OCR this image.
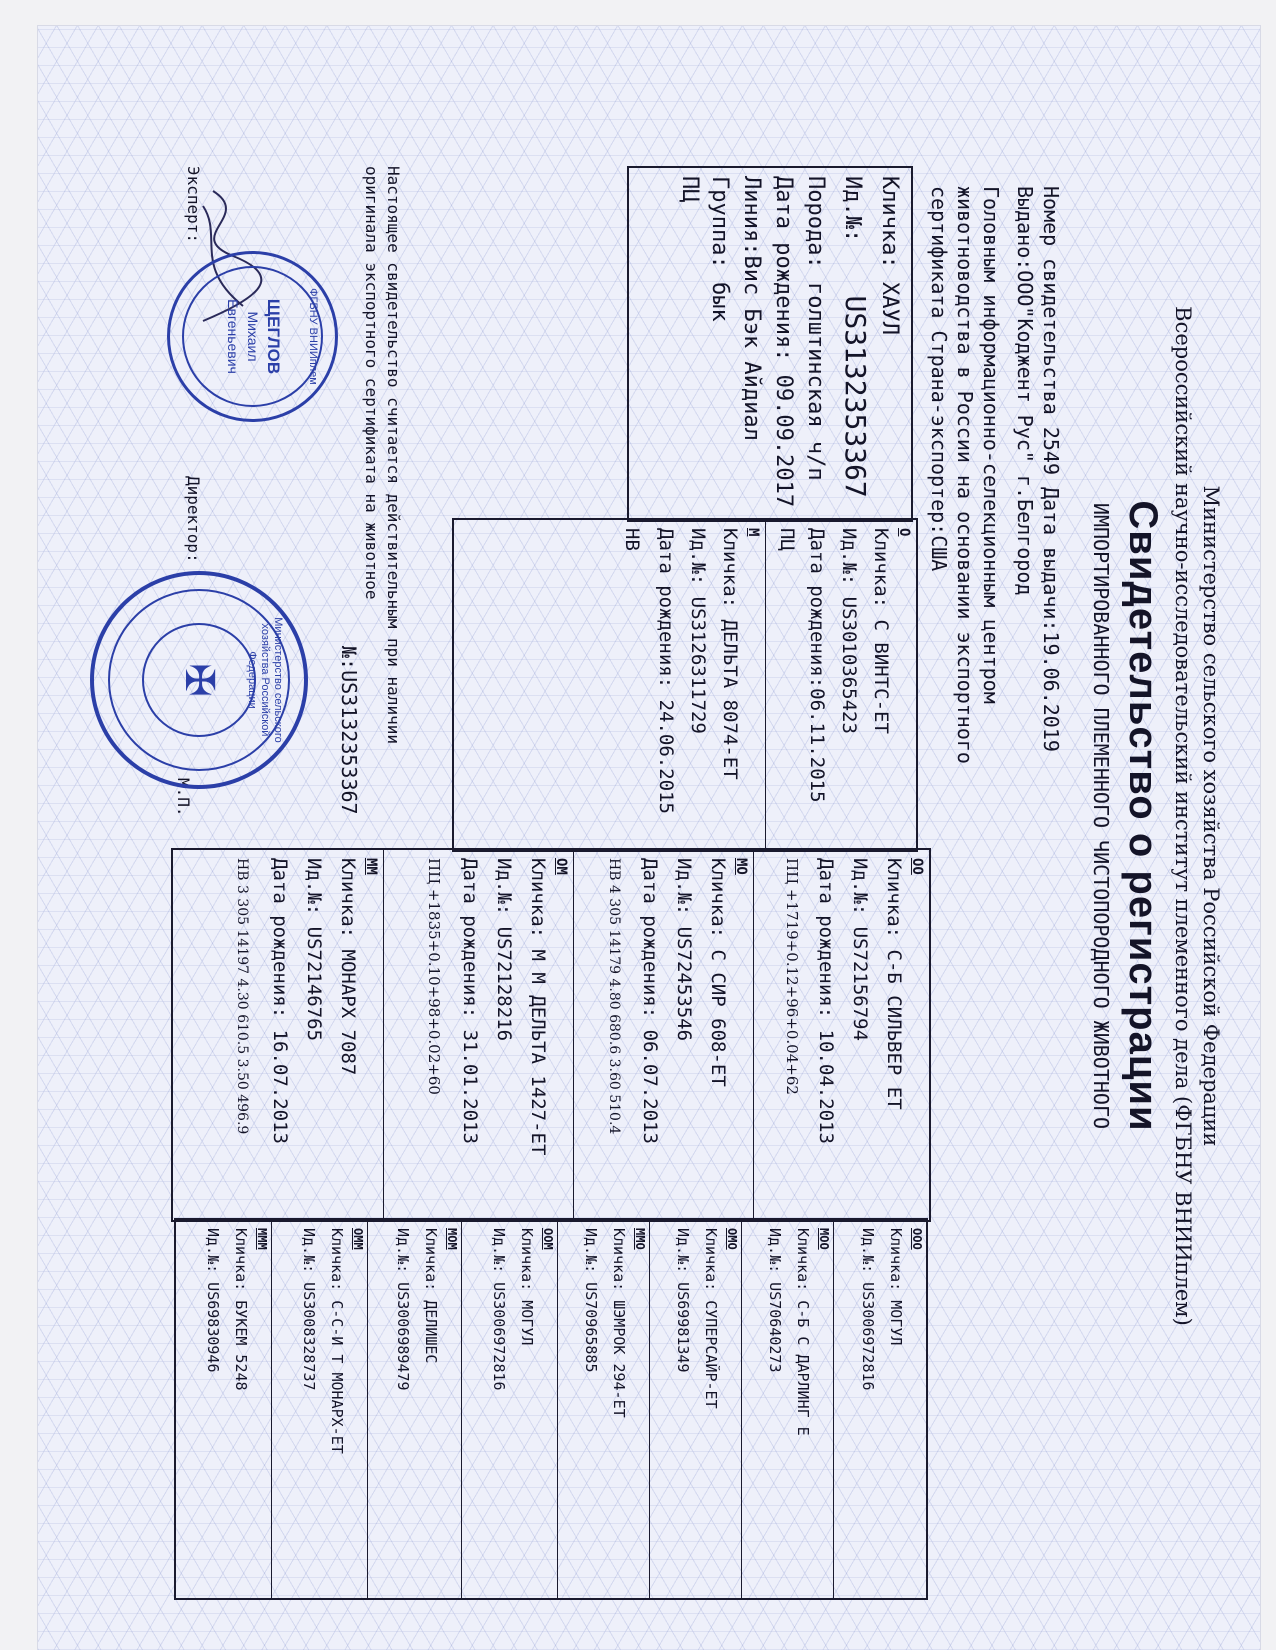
Министерство сельского хозяйства Российской Федерации
Всероссийский научно-исследовательский институт племенного дела (ФГБНУ ВНИИплем)
Свидетельство о регистрации
ИМПОРТИРОВАННОГО ПЛЕМЕННОГО ЧИСТОПОРОДНОГО ЖИВОТНОГО
Номер свидетельства 2549 Дата выдачи:19.06.2019
Выдано:ООО"Коджент Рус" г.Белгород
Головным информационно-селекционным центром
животноводства в России на основании экспортного
сертификата Страна-экспортер:США
Кличка: ХАУЛ
Ид.№: US3132353367
Порода: голштинская ч/п
Дата рождения: 09.09.2017
Линия:Вис Бэк Айдиал
Группа: бык
ПЦ
О
Кличка: С ВИНТС-ЕТ
Ид.№: US3010365423
Дата рождения:06.11.2015
ПЦ
М
Кличка: ДЕЛЬТА 8074-ЕТ
Ид.№: US3126311729
Дата рождения: 24.06.2015
НВ
ОО
Кличка: С-Б СИЛЬВЕР ЕТ
Ид.№: US72156794
Дата рождения: 10.04.2013
ПЦ +1719+0.12+96+0.04+62
МО
Кличка: С СИР 608-ЕТ
Ид.№: US72453546
Дата рождения: 06.07.2013
НВ 4 305 14179 4.80 680.6 3.60 510.4
ОМ
Кличка: М М ДЕЛЬТА 1427-ЕТ
Ид.№: US72128216
Дата рождения: 31.01.2013
ПЦ +1835+0.10+98+0.02+60
ММ
Кличка: МОНАРХ 7087
Ид.№: US72146765
Дата рождения: 16.07.2013
НВ 3 305 14197 4.30 610.5 3.50 496.9
ООО
Кличка: МОГУЛ
Ид.№: US3006972816
МОО
Кличка: С-Б С ДАРЛИНГ Е
Ид.№: US70640273
ОМО
Кличка: СУПЕРСАЙР-ЕТ
Ид.№: US69981349
ММО
Кличка: ШЭМРОК 294-ЕТ
Ид.№: US70965885
ООМ
Кличка: МОГУЛ
Ид.№: US3006972816
МОМ
Кличка: ДЕЛИШЕС
Ид.№: US3006989479
ОММ
Кличка: С-С-И Т МОНАРХ-ЕТ
Ид.№: US3008328737
МММ
Кличка: БУКЕМ 5248
Ид.№: US69830946
Настоящее свидетельство считается действительным при наличии
оригинала экспортного сертификата на животное
№:US3132353367
Эксперт:
Директор:
М.П.
ФГБНУ ВНИИплем
ЩЕГЛОВ
Михаил
Евгеньевич
Министерство сельского хозяйства Российской Федерации
✠
